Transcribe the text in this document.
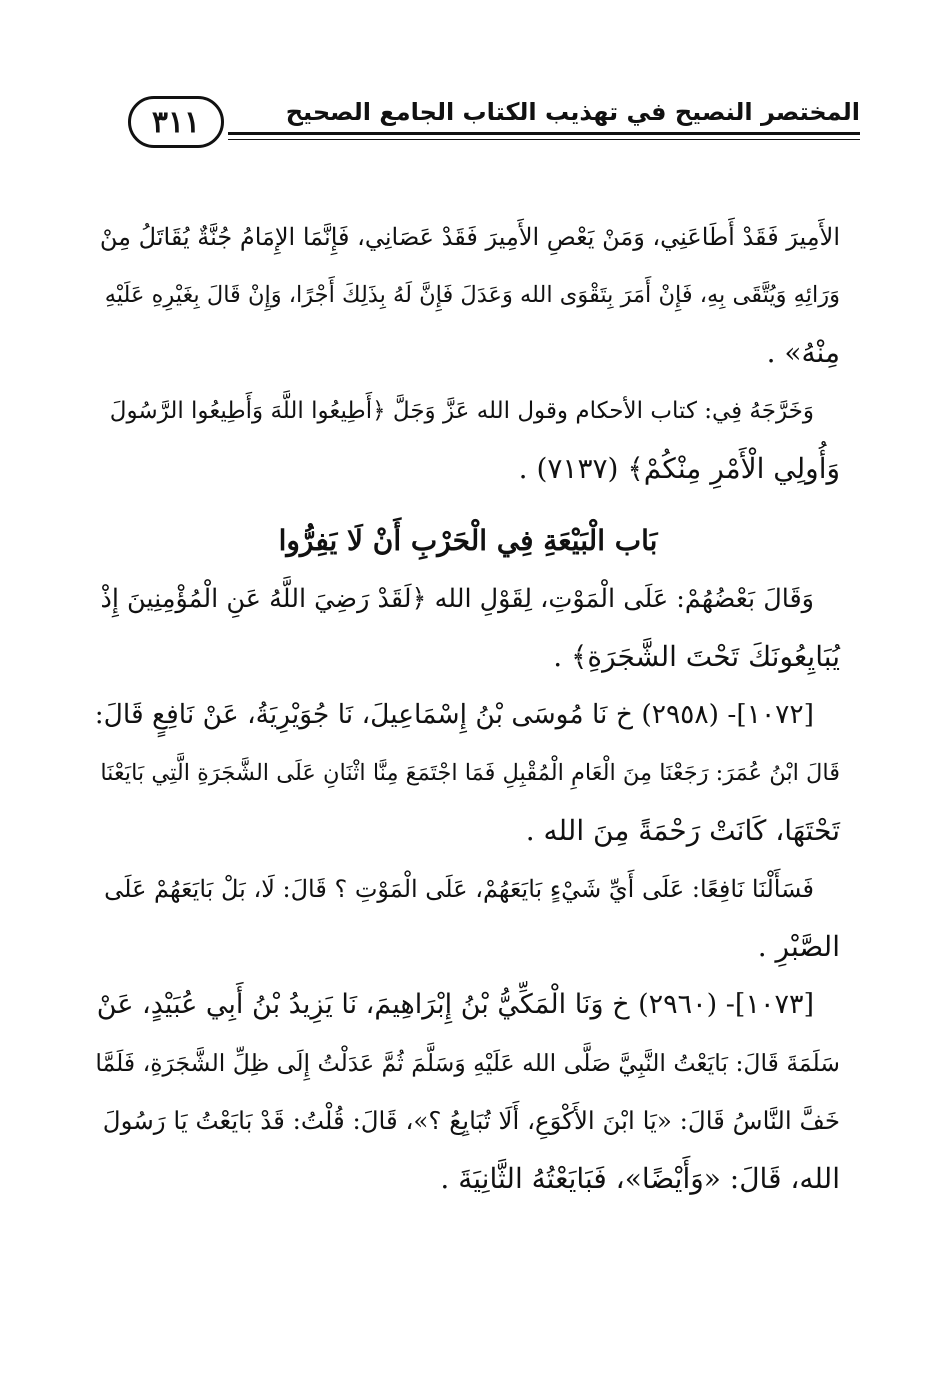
٣١١	المختصر النصيح في تهذيب الكتاب الجامع الصحيح
الأَمِيرَ فَقَدْ أَطَاعَنِي، وَمَنْ يَعْصِ الأَمِيرَ فَقَدْ عَصَانِي، فَإِنَّمَا الإِمَامُ جُنَّةٌ يُقَاتَلُ مِنْ
وَرَائِهِ وَيُتَّقَى بِهِ، فَإِنْ أَمَرَ بِتَقْوَى الله وَعَدَلَ فَإِنَّ لَهُ بِذَلِكَ أَجْرًا، وَإِنْ قَالَ بِغَيْرِهِ عَلَيْهِ
مِنْهُ» .
وَخَرَّجَهُ فِي: كتاب الأحكام وقول الله عَزَّ وَجَلَّ ﴿أَطِيعُوا اللَّهَ وَأَطِيعُوا الرَّسُولَ
وَأُولِي الْأَمْرِ مِنْكُمْ﴾ (٧١٣٧) .
بَاب الْبَيْعَةِ فِي الْحَرْبِ أَنْ لَا يَفِرُّوا
وَقَالَ بَعْضُهُمْ: عَلَى الْمَوْتِ، لِقَوْلِ الله ﴿لَقَدْ رَضِيَ اللَّهُ عَنِ الْمُؤْمِنِينَ إِذْ
يُبَايِعُونَكَ تَحْتَ الشَّجَرَةِ﴾ .
[١٠٧٢]- (٢٩٥٨) خ نَا مُوسَى بْنُ إِسْمَاعِيلَ، نَا جُوَيْرِيَةُ، عَنْ نَافِعٍ قَالَ:
قَالَ ابْنُ عُمَرَ: رَجَعْنَا مِنَ الْعَامِ الْمُقْبِلِ فَمَا اجْتَمَعَ مِنَّا اثْنَانِ عَلَى الشَّجَرَةِ الَّتِي بَايَعْنَا
تَحْتَهَا، كَانَتْ رَحْمَةً مِنَ الله .
فَسَأَلْنَا نَافِعًا: عَلَى أَيِّ شَيْءٍ بَايَعَهُمْ، عَلَى الْمَوْتِ ؟ قَالَ: لَا، بَلْ بَايَعَهُمْ عَلَى
الصَّبْرِ .
[١٠٧٣]- (٢٩٦٠) خ وَنَا الْمَكِّيُّ بْنُ إِبْرَاهِيمَ، نَا يَزِيدُ بْنُ أَبِي عُبَيْدٍ، عَنْ
سَلَمَةَ قَالَ: بَايَعْتُ النَّبِيَّ صَلَّى الله عَلَيْهِ وَسَلَّمَ ثُمَّ عَدَلْتُ إِلَى ظِلِّ الشَّجَرَةِ، فَلَمَّا
خَفَّ النَّاسُ قَالَ: «يَا ابْنَ الأَكْوَعِ، أَلَا تُبَايِعُ ؟»، قَالَ: قُلْتُ: قَدْ بَايَعْتُ يَا رَسُولَ
الله، قَالَ: «وَأَيْضًا»، فَبَايَعْتُهُ الثَّانِيَةَ .
